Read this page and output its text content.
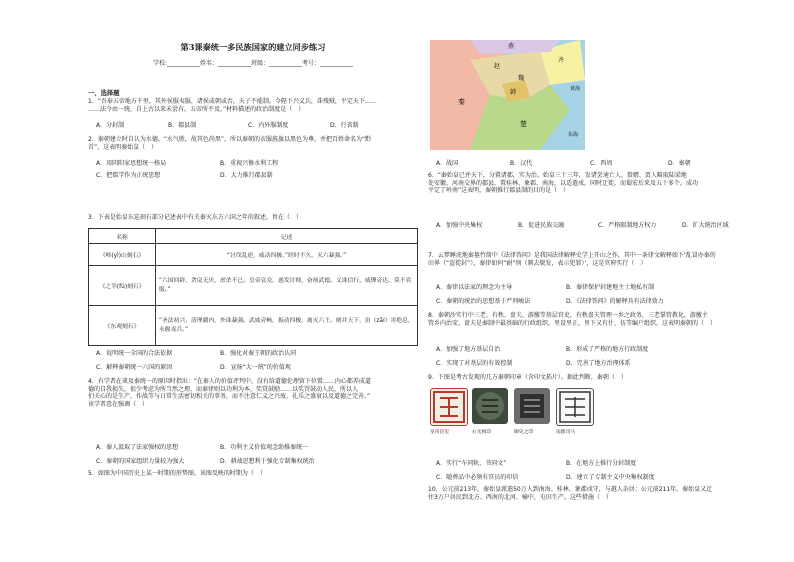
第3课秦统一多民族国家的建立同步练习
学校:___________姓名：___________班级：___________考号：___________
一、选择题
1．“吾奉五帝地方千里，其外侯服夷服，诸侯或朝或否，天子不能制。今陛下兴义兵，诛残贼，平定天下……
……法令由一统，自上古以来未尝有，五帝所不及。”材料描述的政治制度是（　）
A．分封制	B．郡县制	C．内外服制度	D．行省制
2．秦朝建立时自认为水德，“水气胜，故其色尚黑”，所以秦朝的衣服旌旗以黑色为尊，并把百姓命名为“黔
首”。这表明秦始皇（　）
A．用阴阳家思想统一格局	B．重视兴修水利工程
C．把儒学作为正统思想	D．大力推行郡县制
3．下表是始皇东巡刻石部分记述表中有关秦灭东方六国之年的叙述，旨在（　）
名称	记述
《峄(yì)山刻石》	“讨伐乱逆，威动四极，”经时不久，灭六暴强。”
《之罘(fú)刻石》	“六国回辟，贪戾无厌，虐杀不已。皇帝哀众，遂发讨师，奋扬武德。义诛信行，威燀旁达，莫不宾服。”
《东观刻石》	“圣法初兴，清理疆内，外诛暴强。武威旁畅，振动四极，禽灭六王。阐并天下，甾（zāi）害绝息，永偃戎兵。”
A．说明统一全国的合法依据	B．强化对秦王朝的政治认同
C．解释秦朝统一六国的原因	D．宣扬“大一统”的价值观
4．有学者在谈及秦统一的原因时指出：“在秦人的价值评判中，没有给道德伦理留下位置……内心都养成道
德的自我损失，很少考虑为所当然之理，而秦律则以功利为本，奖赏鼓励……以奖罚鼓动人民，所以人
们关心的是生产，作战等与日常生活密切相关的事务，而不注意仁义之兴废，礼乐之盛衰以及道德之完善。”
该学者意在强调（　）
A．秦人汲取了法家强权的思想	B．功利主义价值观念助推秦统一
C．秦朝的国家组织力量较为强大	D．耕战思想利于强化专制集权统治
5．如图为中国历史上某一时期的形势图。该图反映的时期为（　）
燕
赵
齐
魏
韩
秦
楚
黄海
东海
A．战国	B．汉代	C．西周	D．秦朝
6．“秦始皇已并天下，分置诸郡，实为治。始皇三十三年，发诸尝逋亡人、赘婿、贾人略取陆梁地
处安徽、河南交界的郡县，置桂林、象郡、南海，以适遣戍，同时迁徙，而蜀宏后来及五十多个，成功
平定了岭南”这表明，秦朝推行郡县制的目的是（　）
A．加强中央集权	B．促进民族交融	C．严格限制地方权力	D．扩大统治区域
7．云梦睡虎地秦墓竹简中《法律答问》是我国法律解释史学上开山之作，其中一条律文解释如下‘乱冒办秦的
田界（“盗徙封”），秦律如何“耐”刑（剃去鬓发，表示犯罪）’，这是官府实行（　）
A．秦律以法家的理念为主导	B．秦律保护封建地主土地私有制
C．秦朝的统治的思想基于严刑峻法	D．《法律答问》的解释具有法律效力
8．秦朝沙实行中三老、有秩、啬夫、游徼等基层官吏，有秩啬夫管理一乡之政务，三老掌管教化，游徼主
管乡内治安，啬夫是秦制中最基础的行政组织。里设里正，里下又有什、伍等编户组织，这表明秦朝的（　）
A．加强了地方基层自治	B．形成了严格的地方行政制度
C．实现了对基层的有效控制	D．完善了地方治理体系
9．下图是考古发现的几方秦朝印章（含印文拓片）。据此判断，秦朝（　）
皇帝信玺	右丞相印	御史之印	南郡司马
A．实行“车同轨、书同文”	B．在地方上推行分封制度
C．随葬品中必须有官员的印信	D．建立了专制主义中央集权制度
10．公元前213年，秦始皇派遣50万人到南海、桂林、象郡戍守，与越人杂居；公元前211年，秦始皇又迁
往3万户居民到北方、西南的北河、榆中，屯田生产。这些措施（　）
